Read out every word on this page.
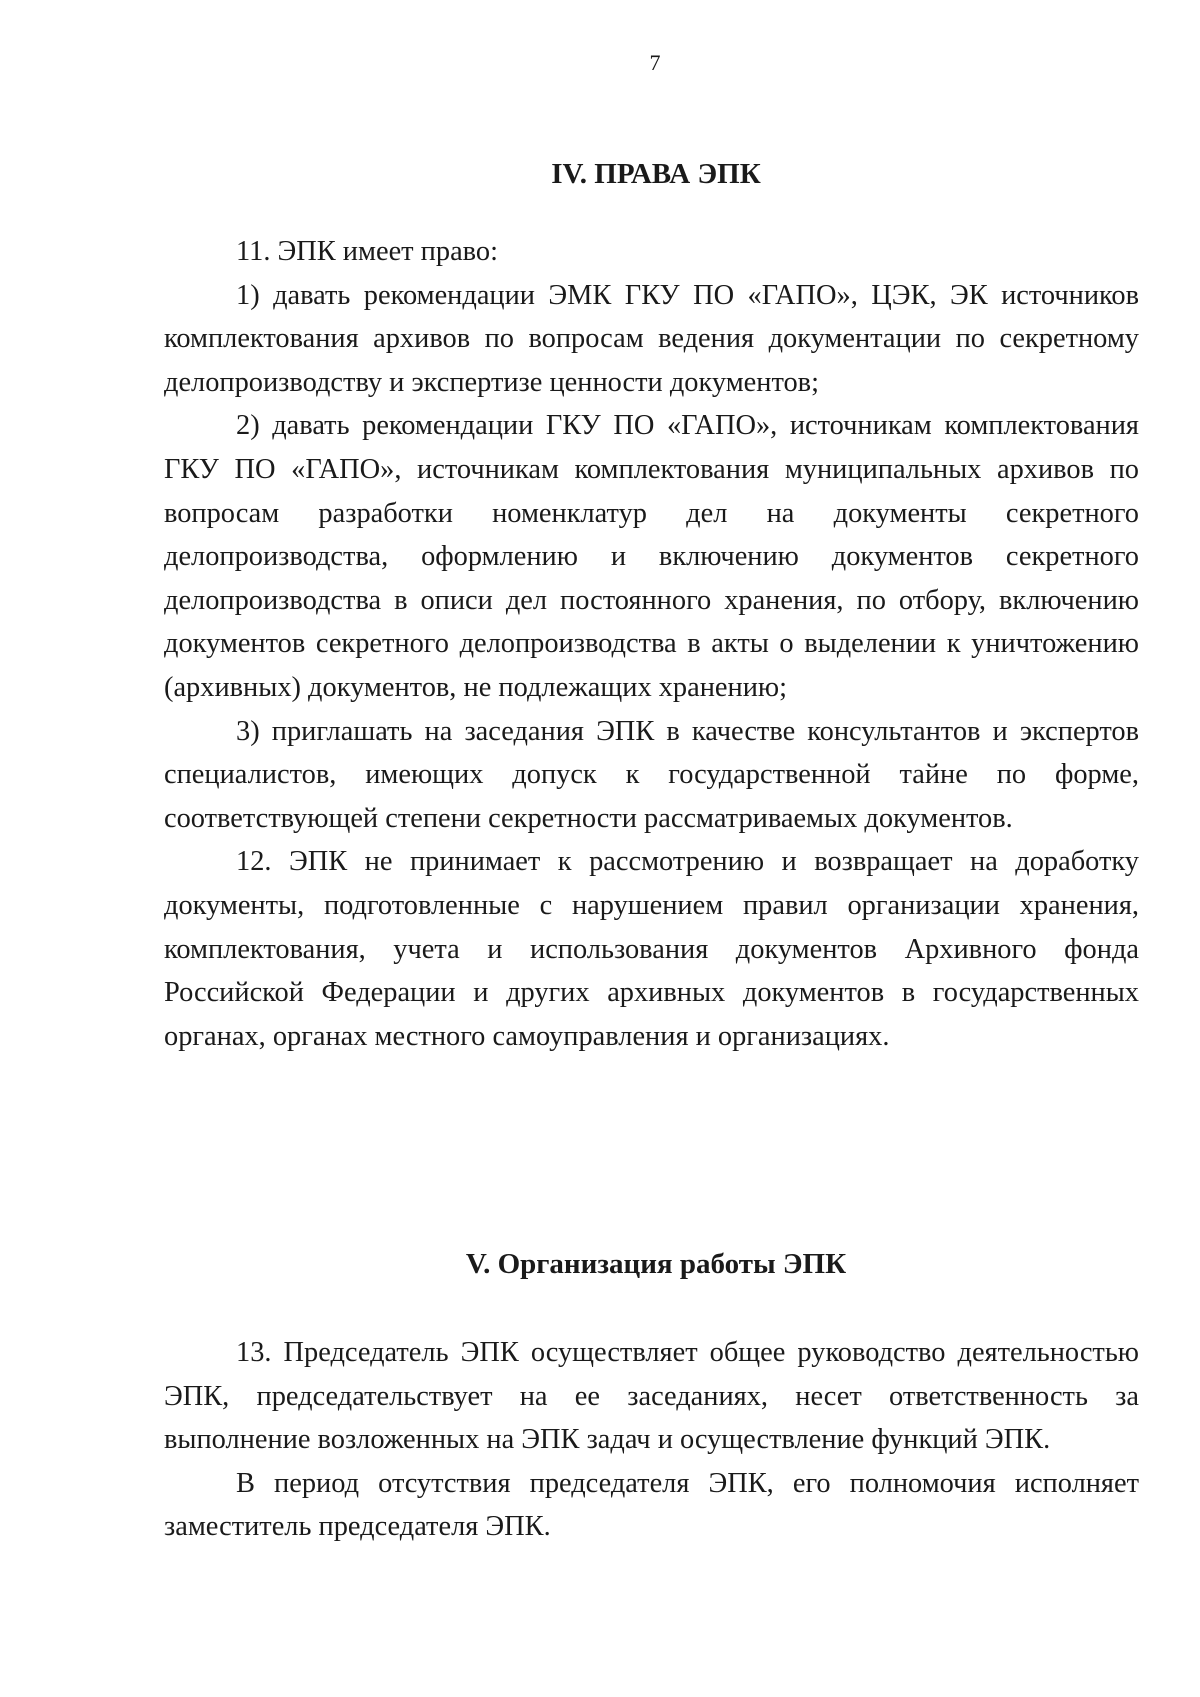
7
IV. ПРАВА ЭПК

11. ЭПК имеет право:

1) давать рекомендации ЭМК ГКУ ПО «ГАПО», ЦЭК, ЭК источников комплектования архивов по вопросам ведения документации по секретному делопроизводству и экспертизе ценности документов;

2) давать рекомендации ГКУ ПО «ГАПО», источникам комплектования ГКУ ПО «ГАПО», источникам комплектования муниципальных архивов по вопросам разработки номенклатур дел на документы секретного делопроизводства, оформлению и включению документов секретного делопроизводства в описи дел постоянного хранения, по отбору, включению документов секретного делопроизводства в акты о выделении к уничтожению (архивных) документов, не подлежащих хранению;

3) приглашать на заседания ЭПК в качестве консультантов и экспертов специалистов, имеющих допуск к государственной тайне по форме, соответствующей степени секретности рассматриваемых документов.

12. ЭПК не принимает к рассмотрению и возвращает на доработку документы, подготовленные с нарушением правил организации хранения, комплектования, учета и использования документов Архивного фонда Российской Федерации и других архивных документов в государственных органах, органах местного самоуправления и организациях.

V. Организация работы ЭПК

13. Председатель ЭПК осуществляет общее руководство деятельностью ЭПК, председательствует на ее заседаниях, несет ответственность за выполнение возложенных на ЭПК задач и осуществление функций ЭПК.

В период отсутствия председателя ЭПК, его полномочия исполняет заместитель председателя ЭПК.
